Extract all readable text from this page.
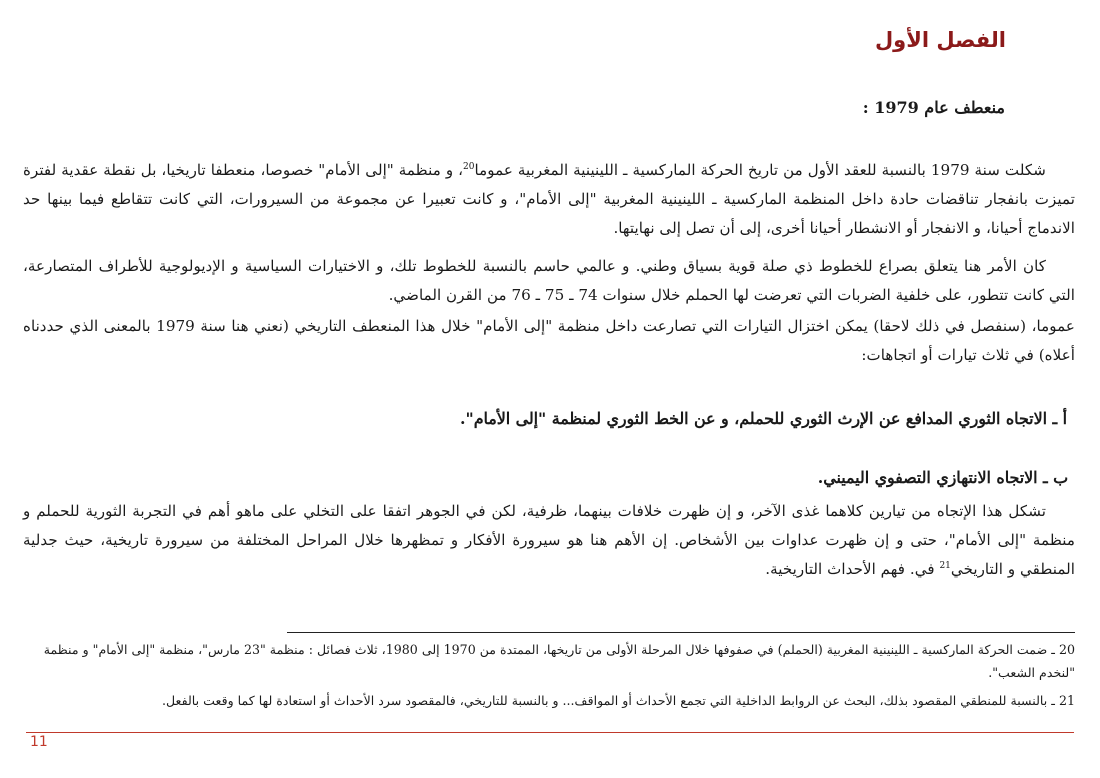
الفصل الأول
منعطف عام 1979 :

شكلت سنة 1979 بالنسبة للعقد الأول من تاريخ الحركة الماركسية ـ اللينينية المغربية عموما$^{20}$، و منظمة "إلى الأمام" خصوصا، منعطفا تاريخيا، بل نقطة عقدية لفترة تميزت بانفجار تناقضات حادة داخل المنظمة الماركسية ـ اللينينية المغربية "إلى الأمام"، و كانت تعبيرا عن مجموعة من السيرورات، التي كانت تتقاطع فيما بينها حد الاندماج أحيانا، و الانفجار أو الانشطار أحيانا أخرى، إلى أن تصل إلى نهايتها.

كان الأمر هنا يتعلق بصراع للخطوط ذي صلة قوية بسياق وطني. و عالمي حاسم بالنسبة للخطوط تلك، و الاختيارات السياسية و الإديولوجية للأطراف المتصارعة، التي كانت تتطور، على خلفية الضربات التي تعرضت لها الحملم خلال سنوات 74 ـ 75 ـ 76 من القرن الماضي.

عموما، (سنفصل في ذلك لاحقا) يمكن اختزال التيارات التي تصارعت داخل منظمة "إلى الأمام" خلال هذا المنعطف التاريخي (نعني هنا سنة 1979 بالمعنى الذي حددناه أعلاه) في ثلاث تيارات أو اتجاهات:

أ ـ الاتجاه الثوري المدافع عن الإرث الثوري للحملم، و عن الخط الثوري لمنظمة "إلى الأمام".
ب ـ الاتجاه الانتهازي التصفوي اليميني.

تشكل هذا الإتجاه من تيارين كلاهما غذى الآخر، و إن ظهرت خلافات بينهما، ظرفية، لكن في الجوهر اتفقا على التخلي على ماهو أهم في التجربة الثورية للحملم و منظمة "إلى الأمام"، حتى و إن ظهرت عداوات بين الأشخاص. إن الأهم هنا هو سيرورة الأفكار و تمظهرها خلال المراحل المختلفة من سيرورة تاريخية، حيث جدلية المنطقي و التاريخي$^{21}$ في. فهم الأحداث التاريخية.

20 ـ ضمت الحركة الماركسية ـ اللينينية المغربية (الحملم) في صفوفها خلال المرحلة الأولى من تاريخها، الممتدة من 1970 إلى 1980، ثلاث فصائل : منظمة "23 مارس"، منظمة "إلى الأمام" و منظمة "لنخدم الشعب".

21 ـ بالنسبة للمنطقي المقصود بذلك، البحث عن الروابط الداخلية التي تجمع الأحداث أو المواقف... و بالنسبة للتاريخي، فالمقصود سرد الأحداث أو استعادة لها كما وقعت بالفعل.

11
